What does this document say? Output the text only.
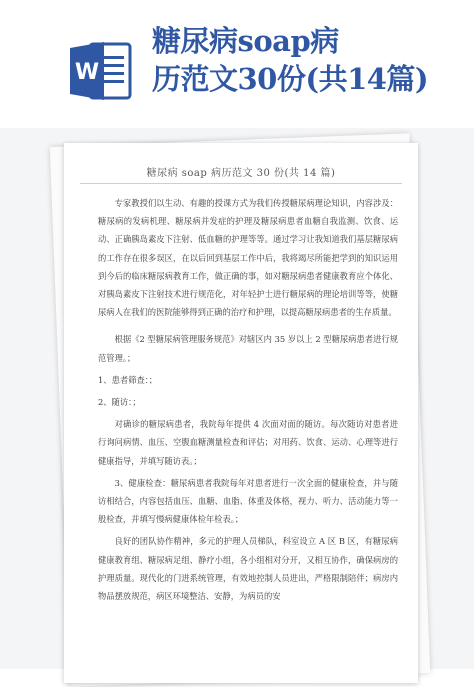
W
糖尿病soap病
历范文30份(共14篇)
糖尿病 soap 病历范文 30 份(共 14 篇)

专家教授们以生动、有趣的授课方式为我们传授糖尿病理论知识，内容涉及：糖尿病的发病机理、糖尿病并发症的护理及糖尿病患者血糖自我监测、饮食、运动、正确胰岛素皮下注射、低血糖的护理等等。通过学习让我知道我们基层糖尿病的工作存在很多误区，在以后回到基层工作中后，我将竭尽所能把学到的知识运用到今后的临床糖尿病教育工作，做正确的事，如对糖尿病患者健康教育应个体化、对胰岛素皮下注射技术进行规范化，对年轻护士进行糖尿病的理论培训等等，使糖尿病人在我们的医院能够得到正确的治疗和护理，以提高糖尿病患者的生存质量。

根据《2 型糖尿病管理服务规范》对辖区内 35 岁以上 2 型糖尿病患者进行规范管理。；

1、患者筛查：；

2、随访：；

对确诊的糖尿病患者，我院每年提供 4 次面对面的随访。每次随访对患者进行询问病情、血压、空腹血糖测量检查和评估；对用药、饮食、运动、心理等进行健康指导，并填写随访表。；

3、健康检查：糖尿病患者我院每年对患者进行一次全面的健康检查，并与随访相结合，内容包括血压、血糖、血脂、体重及体格，视力、听力、活动能力等一般检查，并填写慢病健康体检年检表。；

良好的团队协作精神，多元的护理人员梯队，科室设立 A 区 B 区，有糖尿病健康教育组、糖尿病足组、静疗小组，各小组相对分开，又相互协作，确保病房的护理质量。现代化的门进系统管理，有效地控制人员进出，严格限制陪伴；病房内物品摆放规范，病区环境整洁、安静，为病员的安
